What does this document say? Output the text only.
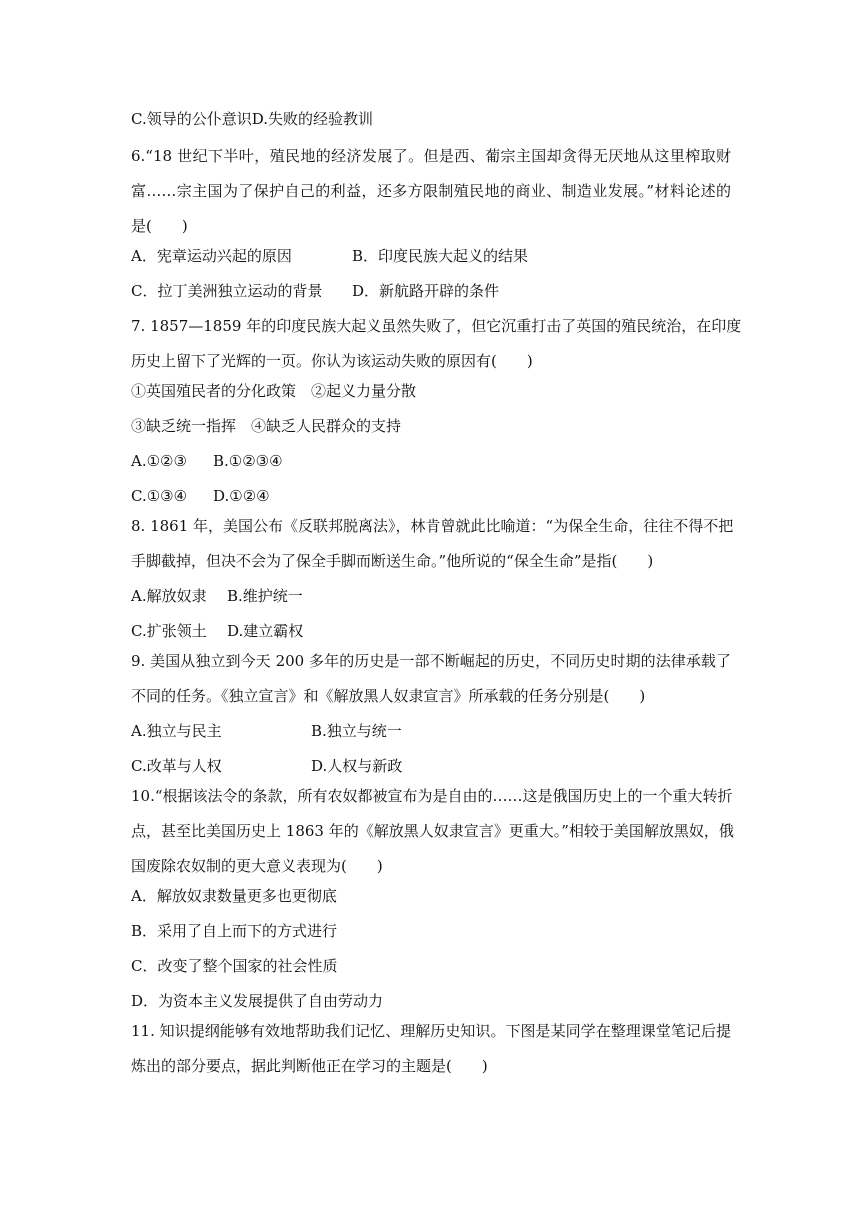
C.领导的公仆意识D.失败的经验教训
6.“18 世纪下半叶，殖民地的经济发展了。但是西、葡宗主国却贪得无厌地从这里榨取财
富……宗主国为了保护自己的利益，还多方限制殖民地的商业、制造业发展。”材料论述的
是(　　)
A．宪章运动兴起的原因	B．印度民族大起义的结果
C．拉丁美洲独立运动的背景 D．新航路开辟的条件
7. 1857—1859 年的印度民族大起义虽然失败了，但它沉重打击了英国的殖民统治，在印度
历史上留下了光辉的一页。你认为该运动失败的原因有(　　)
①英国殖民者的分化政策　②起义力量分散
③缺乏统一指挥　④缺乏人民群众的支持
A.①②③ B.①②③④
C.①③④ D.①②④
8. 1861 年，美国公布《反联邦脱离法》，林肯曾就此比喻道：“为保全生命，往往不得不把
手脚截掉，但决不会为了保全手脚而断送生命。”他所说的“保全生命”是指(　　)
A.解放奴隶 B.维护统一
C.扩张领土 D.建立霸权
9. 美国从独立到今天 200 多年的历史是一部不断崛起的历史，不同历史时期的法律承载了
不同的任务。《独立宣言》和《解放黑人奴隶宣言》所承载的任务分别是(　　)
A.独立与民主	B.独立与统一
C.改革与人权	D.人权与新政
10.“根据该法令的条款，所有农奴都被宣布为是自由的……这是俄国历史上的一个重大转折
点，甚至比美国历史上 1863 年的《解放黑人奴隶宣言》更重大。”相较于美国解放黑奴，俄
国废除农奴制的更大意义表现为(　　)
A．解放奴隶数量更多也更彻底
B．采用了自上而下的方式进行
C．改变了整个国家的社会性质
D．为资本主义发展提供了自由劳动力
11. 知识提纲能够有效地帮助我们记忆、理解历史知识。下图是某同学在整理课堂笔记后提
炼出的部分要点，据此判断他正在学习的主题是(　　)
